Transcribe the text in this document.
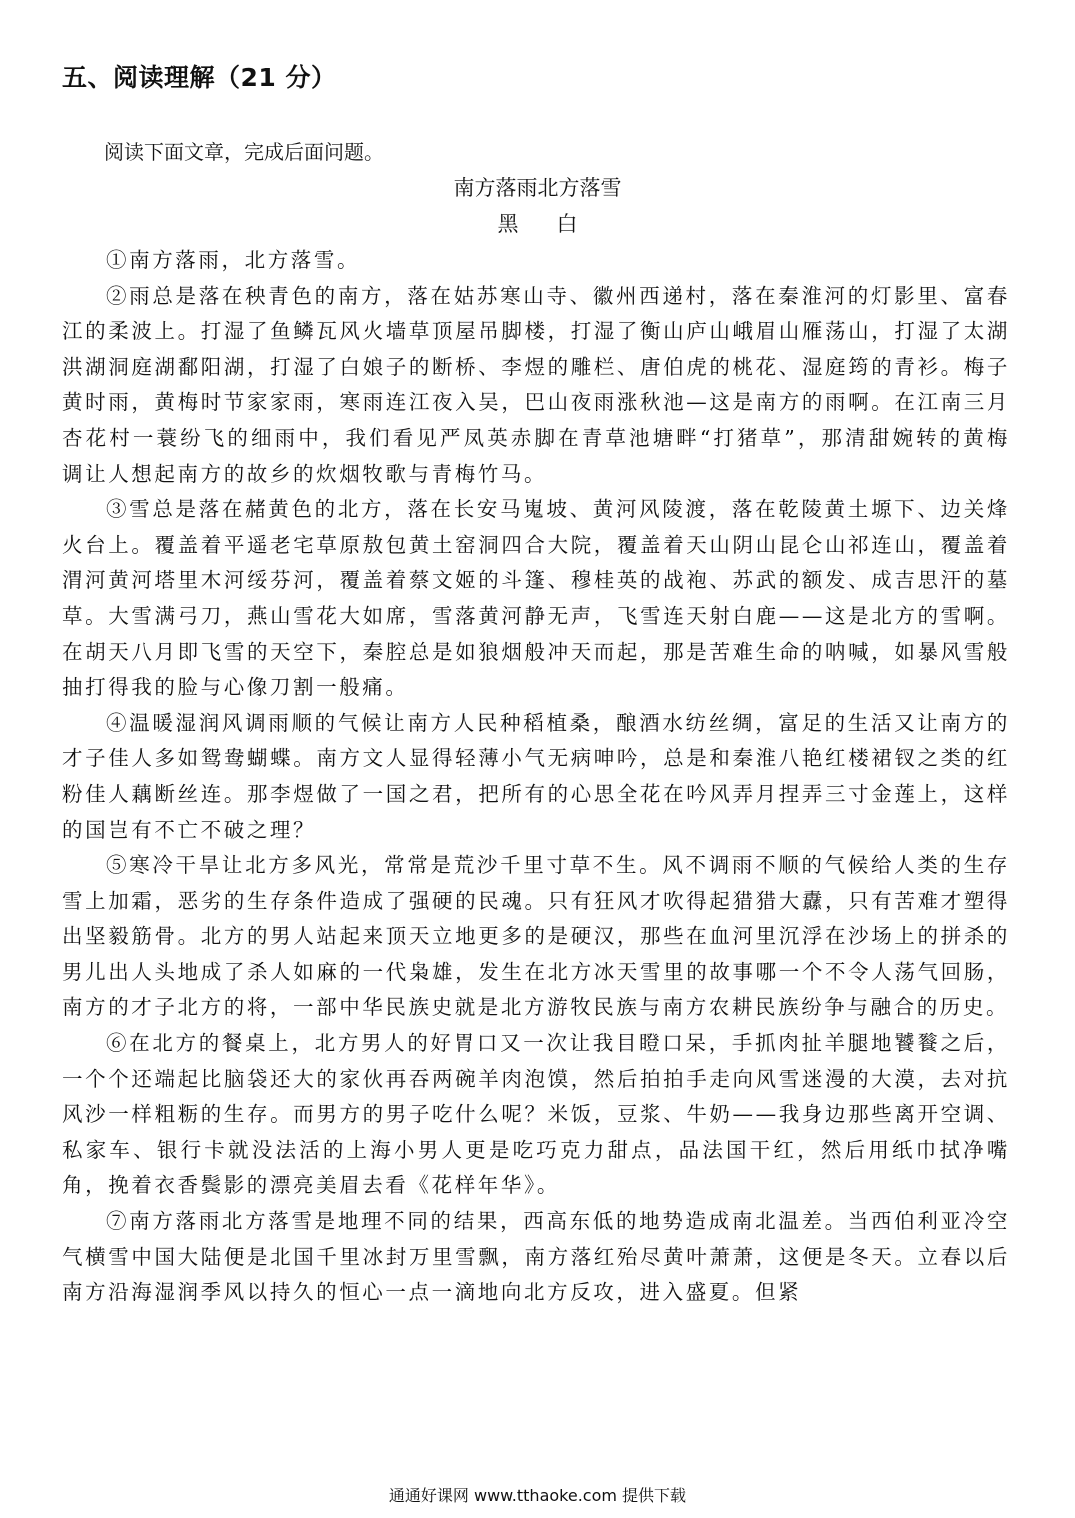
五、阅读理解（21 分）

阅读下面文章，完成后面问题。

南方落雨北方落雪
黑白

①南方落雨，北方落雪。

②雨总是落在秧青色的南方，落在姑苏寒山寺、徽州西递村，落在秦淮河的灯影里、富春江的柔波上。打湿了鱼鳞瓦风火墙草顶屋吊脚楼，打湿了衡山庐山峨眉山雁荡山，打湿了太湖洪湖洞庭湖鄱阳湖，打湿了白娘子的断桥、李煜的雕栏、唐伯虎的桃花、湿庭筠的青衫。梅子黄时雨，黄梅时节家家雨，寒雨连江夜入吴，巴山夜雨涨秋池—这是南方的雨啊。在江南三月杏花村一蓑纷飞的细雨中，我们看见严凤英赤脚在青草池塘畔“打猪草”，那清甜婉转的黄梅调让人想起南方的故乡的炊烟牧歌与青梅竹马。

③雪总是落在赭黄色的北方，落在长安马嵬坡、黄河风陵渡，落在乾陵黄土塬下、边关烽火台上。覆盖着平遥老宅草原敖包黄土窑洞四合大院，覆盖着天山阴山昆仑山祁连山，覆盖着渭河黄河塔里木河绥芬河，覆盖着蔡文姬的斗篷、穆桂英的战袍、苏武的额发、成吉思汗的墓草。大雪满弓刀，燕山雪花大如席，雪落黄河静无声，飞雪连天射白鹿——这是北方的雪啊。在胡天八月即飞雪的天空下，秦腔总是如狼烟般冲天而起，那是苦难生命的呐喊，如暴风雪般抽打得我的脸与心像刀割一般痛。

④温暖湿润风调雨顺的气候让南方人民种稻植桑，酿酒水纺丝绸，富足的生活又让南方的才子佳人多如鸳鸯蝴蝶。南方文人显得轻薄小气无病呻吟，总是和秦淮八艳红楼裙钗之类的红粉佳人藕断丝连。那李煜做了一国之君，把所有的心思全花在吟风弄月捏弄三寸金莲上，这样的国岂有不亡不破之理？

⑤寒冷干旱让北方多风光，常常是荒沙千里寸草不生。风不调雨不顺的气候给人类的生存雪上加霜，恶劣的生存条件造成了强硬的民魂。只有狂风才吹得起猎猎大纛，只有苦难才塑得出坚毅筋骨。北方的男人站起来顶天立地更多的是硬汉，那些在血河里沉浮在沙场上的拼杀的男儿出人头地成了杀人如麻的一代枭雄，发生在北方冰天雪里的故事哪一个不令人荡气回肠，南方的才子北方的将，一部中华民族史就是北方游牧民族与南方农耕民族纷争与融合的历史。

⑥在北方的餐桌上，北方男人的好胃口又一次让我目瞪口呆，手抓肉扯羊腿地饕餮之后，一个个还端起比脑袋还大的家伙再吞两碗羊肉泡馍，然后拍拍手走向风雪迷漫的大漠，去对抗风沙一样粗粝的生存。而男方的男子吃什么呢？米饭，豆浆、牛奶——我身边那些离开空调、私家车、银行卡就没法活的上海小男人更是吃巧克力甜点，品法国干红，然后用纸巾拭净嘴角，挽着衣香鬓影的漂亮美眉去看《花样年华》。

⑦南方落雨北方落雪是地理不同的结果，西高东低的地势造成南北温差。当西伯利亚冷空气横雪中国大陆便是北国千里冰封万里雪飘，南方落红殆尽黄叶萧萧，这便是冬天。立春以后南方沿海湿润季风以持久的恒心一点一滴地向北方反攻，进入盛夏。但紧

通通好课网 www.tthaoke.com 提供下载
